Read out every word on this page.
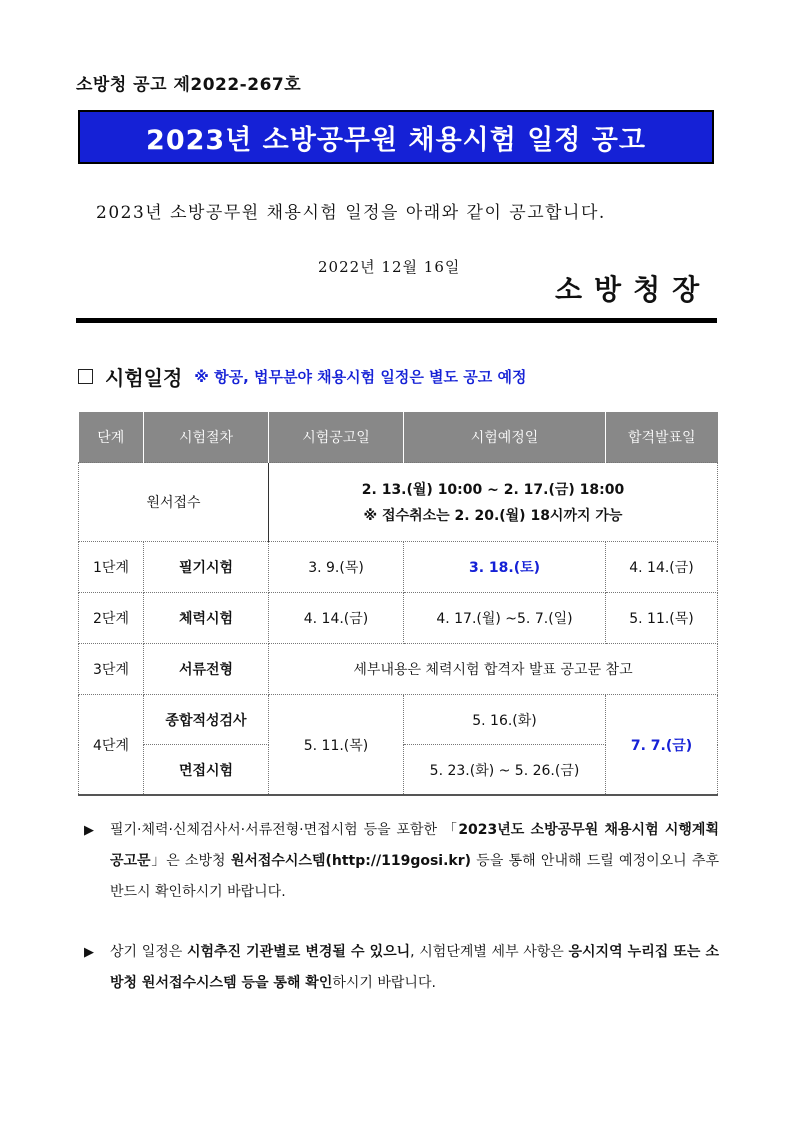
소방청 공고 제2022-267호
2023년 소방공무원 채용시험 일정 공고
2023년 소방공무원 채용시험 일정을 아래와 같이 공고합니다.
2022년 12월 16일
소방청장
시험일정 ※ 항공, 법무분야 채용시험 일정은 별도 공고 예정
단계	시험절차	시험공고일	시험예정일	합격발표일
원서접수		2. 13.(월) 10:00 ~ 2. 17.(금) 18:00
※ 접수취소는 2. 20.(월) 18시까지 가능		

1단계	필기시험	3. 9.(목)	3. 18.(토)	4. 14.(금)
2단계	체력시험	4. 14.(금)	4. 17.(월) ~5. 7.(일)	5. 11.(목)
3단계	서류전형	세부내용은 체력시험 합격자 발표 공고문 참고		
4단계	종합적성검사	5. 11.(목)	5. 16.(화)	7. 7.(금)
	면접시험		5. 23.(화) ~ 5. 26.(금)	
▶	필기·체력·신체검사서·서류전형·면접시험 등을 포함한 「2023년도 소방공무원 채용시험 시행계획 공고문」은 소방청 원서접수시스템(http://119gosi.kr) 등을 통해 안내해 드릴 예정이오니 추후 반드시 확인하시기 바랍니다.
▶	상기 일정은 시험추진 기관별로 변경될 수 있으니, 시험단계별 세부 사항은 응시지역 누리집 또는 소방청 원서접수시스템 등을 통해 확인하시기 바랍니다.
